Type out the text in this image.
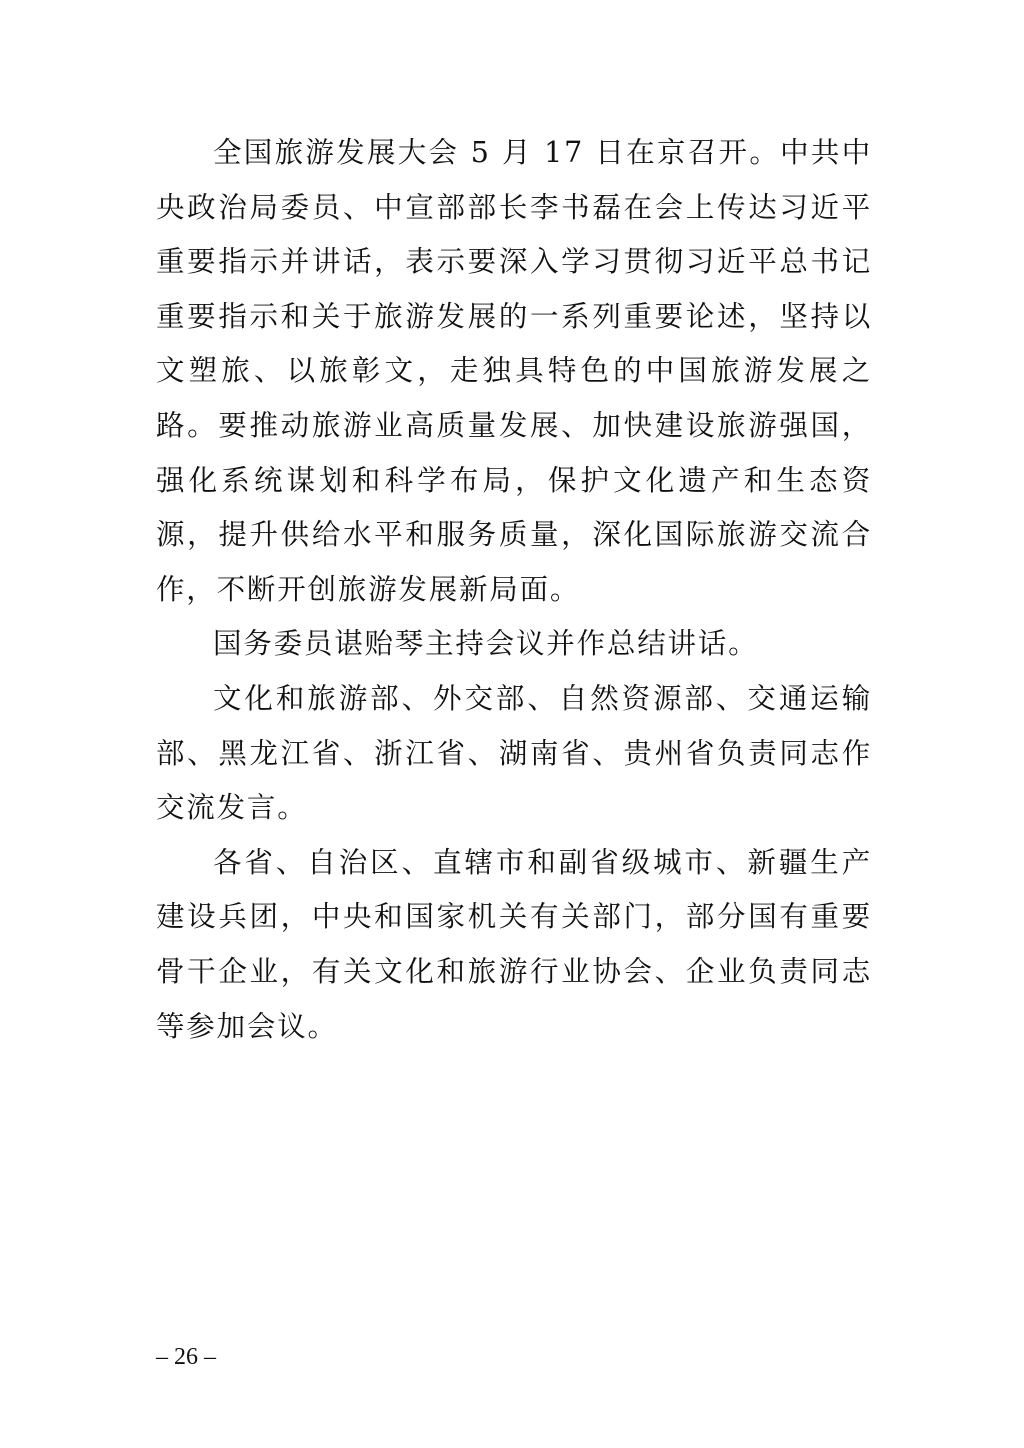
全国旅游发展大会 5 月 17 日在京召开。中共中央政治局委员、中宣部部长李书磊在会上传达习近平重要指示并讲话，表示要深入学习贯彻习近平总书记重要指示和关于旅游发展的一系列重要论述，坚持以文塑旅、以旅彰文，走独具特色的中国旅游发展之路。要推动旅游业高质量发展、加快建设旅游强国，强化系统谋划和科学布局，保护文化遗产和生态资源，提升供给水平和服务质量，深化国际旅游交流合作，不断开创旅游发展新局面。

国务委员谌贻琴主持会议并作总结讲话。

文化和旅游部、外交部、自然资源部、交通运输部、黑龙江省、浙江省、湖南省、贵州省负责同志作交流发言。

各省、自治区、直辖市和副省级城市、新疆生产建设兵团，中央和国家机关有关部门，部分国有重要骨干企业，有关文化和旅游行业协会、企业负责同志等参加会议。

– 26 –
